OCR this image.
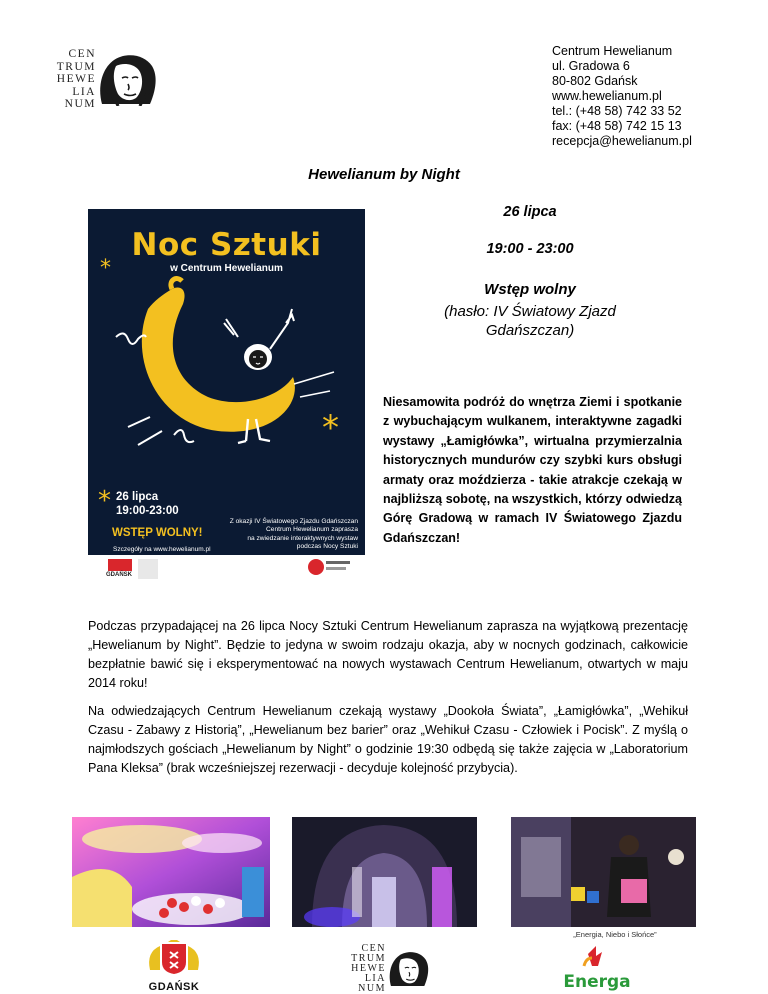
CEN
TRUM
HEWE
LIA
NUM
Centrum Hewelianum
ul. Gradowa 6
80-802 Gdańsk
www.hewelianum.pl
tel.: (+48 58) 742 33 52
fax: (+48 58) 742 15 13
recepcja@hewelianum.pl
Hewelianum by Night
26 lipca
19:00 - 23:00
Wstęp wolny
(hasło: IV Światowy Zjazd
Gdańszczan)
*
*
*
Noc Sztuki
w Centrum Hewelianum
26 lipca
19:00-23:00
WSTĘP WOLNY!
Z okazji IV Światowego Zjazdu Gdańszczan
Centrum Hewelianum zaprasza
na zwiedzanie interaktywnych wystaw
podczas Nocy Sztuki
Szczegóły na www.hewelianum.pl
GDAŃSK
Niesamowita podróż do wnętrza Ziemi i spotkanie z wybuchającym wulkanem, interaktywne zagadki wystawy „Łamigłówka”, wirtualna przymierzalnia historycznych mundurów czy szybki kurs obsługi armaty oraz moździerza - takie atrakcje czekają w najbliższą sobotę, na wszystkich, którzy odwiedzą Górę Gradową w ramach IV Światowego Zjazdu Gdańszczan!
Podczas przypadającej na 26 lipca Nocy Sztuki Centrum Hewelianum zaprasza na wyjątkową prezentację „Hewelianum by Night”. Będzie to jedyna w swoim rodzaju okazja, aby w nocnych godzinach, całkowicie bezpłatnie bawić się i eksperymentować na nowych wystawach Centrum Hewelianum, otwartych w maju 2014 roku!
Na odwiedzających Centrum Hewelianum czekają wystawy „Dookoła Świata”, „Łamigłówka”, „Wehikuł Czasu - Zabawy z Historią”, „Hewelianum bez barier” oraz „Wehikuł Czasu - Człowiek i Pocisk”. Z myślą o najmłodszych gościach „Hewelianum by Night” o godzinie 19:30 odbędą się także zajęcia w „Laboratorium Pana Kleksa” (brak wcześniejszej rezerwacji - decyduje kolejność przybycia).
„Energia, Niebo i Słońce”
GDAŃSK
CEN
TRUM
HEWE
LIA
NUM	Energa
